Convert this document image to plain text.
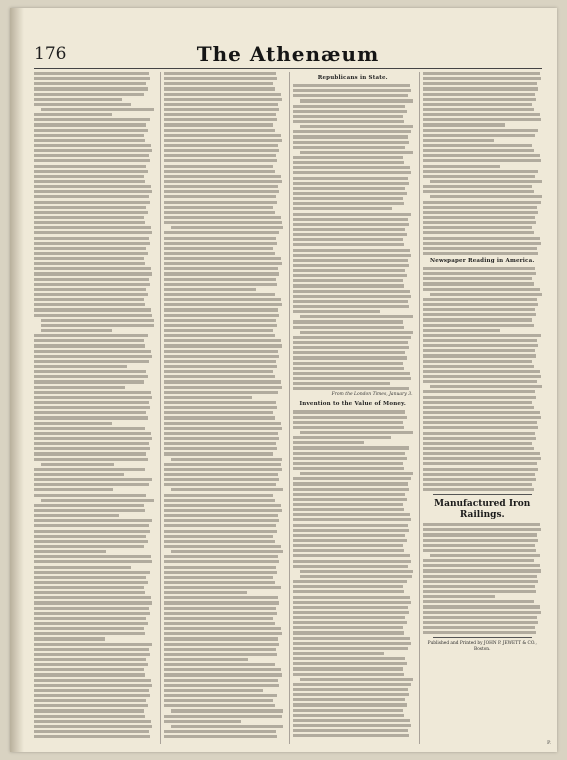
176	The Athenæum
Republicans in State.
From the London Times, January 3.
Invention to the Value of Money.
Newspaper Reading in America.
Manufactured Iron Railings.
Published and Printed by JOHN P. JEWETT & CO., Boston.
P.
